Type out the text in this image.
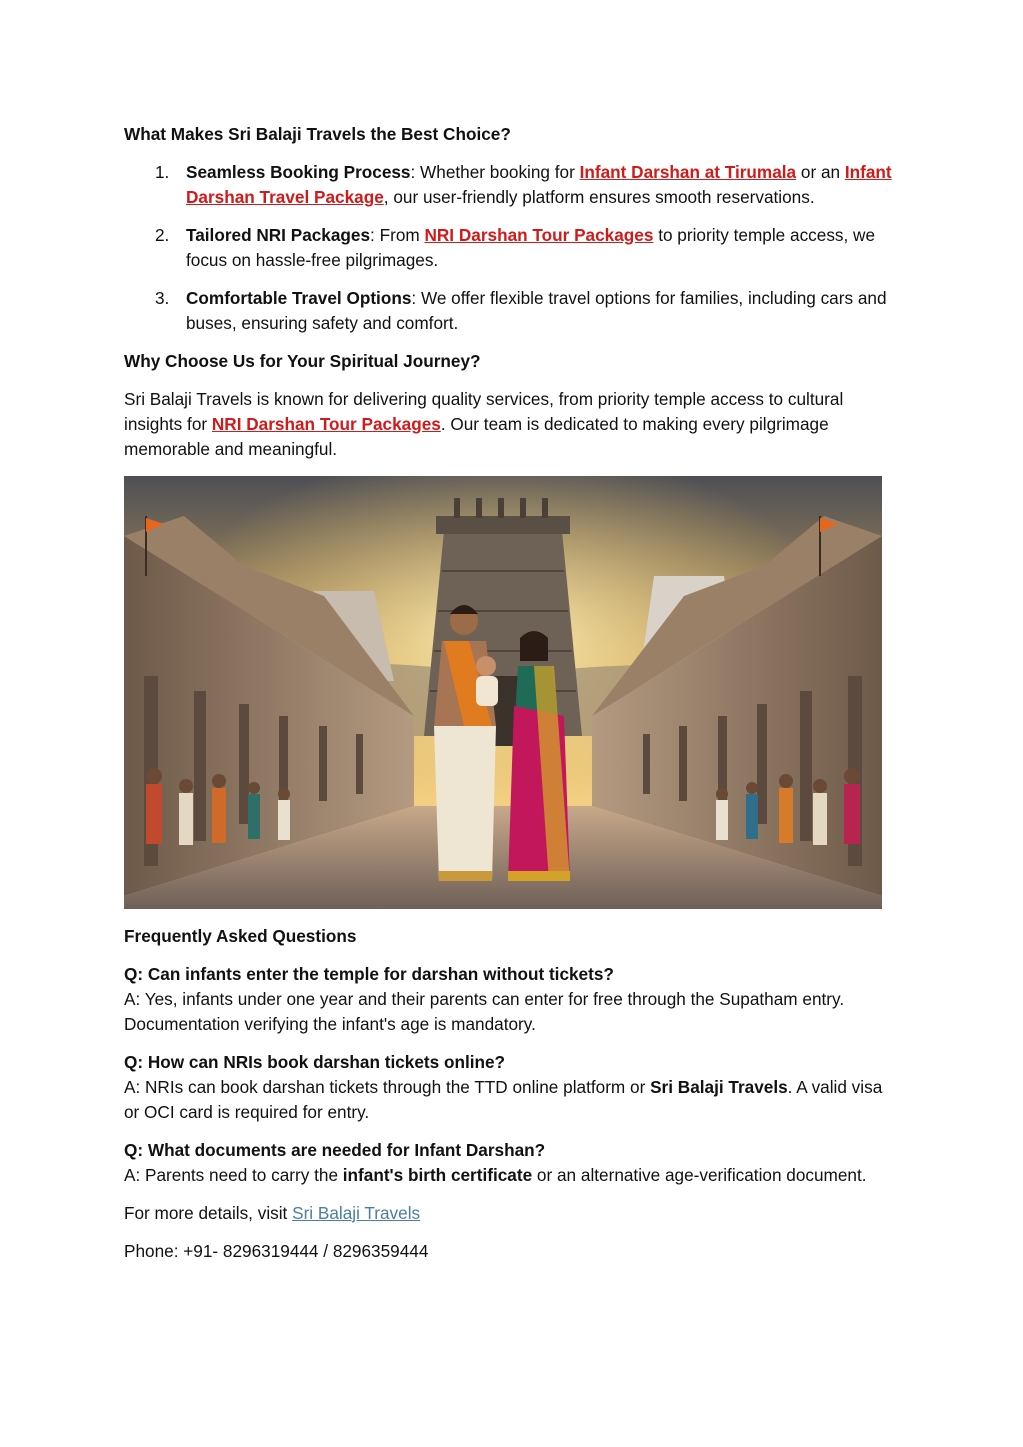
What Makes Sri Balaji Travels the Best Choice?
1. Seamless Booking Process: Whether booking for Infant Darshan at Tirumala or an Infant Darshan Travel Package, our user-friendly platform ensures smooth reservations.
2. Tailored NRI Packages: From NRI Darshan Tour Packages to priority temple access, we focus on hassle-free pilgrimages.
3. Comfortable Travel Options: We offer flexible travel options for families, including cars and buses, ensuring safety and comfort.
Why Choose Us for Your Spiritual Journey?

Sri Balaji Travels is known for delivering quality services, from priority temple access to cultural insights for NRI Darshan Tour Packages. Our team is dedicated to making every pilgrimage memorable and meaningful.

Frequently Asked Questions

Q: Can infants enter the temple for darshan without tickets?
A: Yes, infants under one year and their parents can enter for free through the Supatham entry. Documentation verifying the infant's age is mandatory.

Q: How can NRIs book darshan tickets online?
A: NRIs can book darshan tickets through the TTD online platform or Sri Balaji Travels. A valid visa or OCI card is required for entry.

Q: What documents are needed for Infant Darshan?
A: Parents need to carry the infant's birth certificate or an alternative age-verification document.

For more details, visit Sri Balaji Travels

Phone: +91- 8296319444 / 8296359444
